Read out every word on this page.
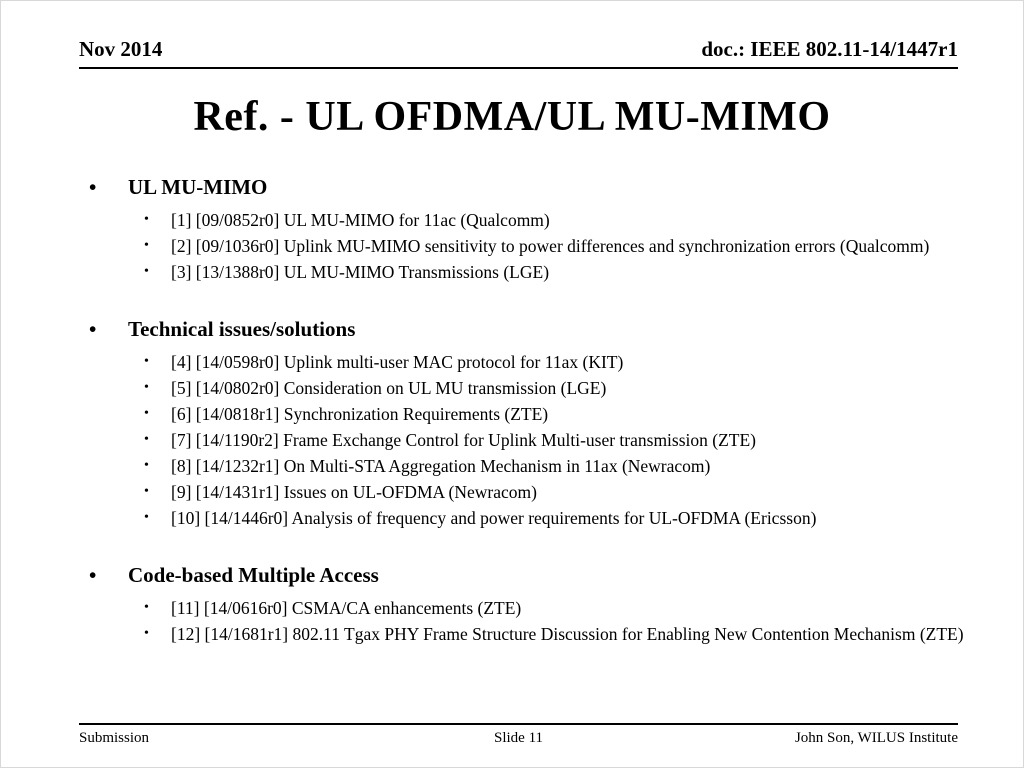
Nov 2014	doc.: IEEE 802.11-14/1447r1
Ref. - UL OFDMA/UL MU-MIMO
•
UL MU-MIMO
•
[1] [09/0852r0] UL MU-MIMO for 11ac (Qualcomm)
•
[2] [09/1036r0] Uplink MU-MIMO sensitivity to power differences and synchronization errors (Qualcomm)
•
[3] [13/1388r0] UL MU-MIMO Transmissions (LGE)
•
Technical issues/solutions
•
[4] [14/0598r0] Uplink multi-user MAC protocol for 11ax (KIT)
•
[5] [14/0802r0] Consideration on UL MU transmission (LGE)
•
[6] [14/0818r1] Synchronization Requirements (ZTE)
•
[7] [14/1190r2] Frame Exchange Control for Uplink Multi-user transmission (ZTE)
•
[8] [14/1232r1] On Multi-STA Aggregation Mechanism in 11ax (Newracom)
•
[9] [14/1431r1] Issues on UL-OFDMA (Newracom)
•
[10] [14/1446r0] Analysis of frequency and power requirements for UL-OFDMA (Ericsson)
•
Code-based Multiple Access
•
[11] [14/0616r0] CSMA/CA enhancements (ZTE)
•
[12] [14/1681r1] 802.11 Tgax PHY Frame Structure Discussion for Enabling New Contention Mechanism (ZTE)
Submission	Slide 11	John Son, WILUS Institute
